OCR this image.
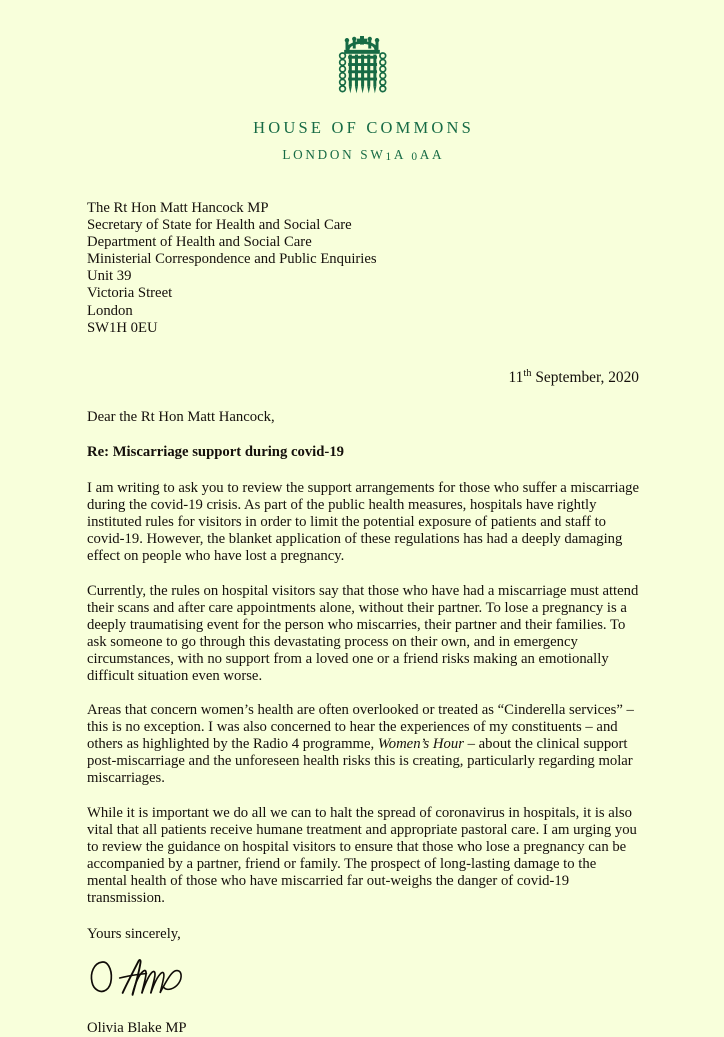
HOUSE OF COMMONS
LONDON SW1A 0AA
The Rt Hon Matt Hancock MP
Secretary of State for Health and Social Care
Department of Health and Social Care
Ministerial Correspondence and Public Enquiries
Unit 39
Victoria Street
London
SW1H 0EU
11th September, 2020
Dear the Rt Hon Matt Hancock,
Re: Miscarriage support during covid-19

I am writing to ask you to review the support arrangements for those who suffer a miscarriage during the covid-19 crisis. As part of the public health measures, hospitals have rightly instituted rules for visitors in order to limit the potential exposure of patients and staff to covid-19. However, the blanket application of these regulations has had a deeply damaging effect on people who have lost a pregnancy.

Currently, the rules on hospital visitors say that those who have had a miscarriage must attend their scans and after care appointments alone, without their partner. To lose a pregnancy is a deeply traumatising event for the person who miscarries, their partner and their families. To ask someone to go through this devastating process on their own, and in emergency circumstances, with no support from a loved one or a friend risks making an emotionally difficult situation even worse.

Areas that concern women’s health are often overlooked or treated as “Cinderella services” – this is no exception. I was also concerned to hear the experiences of my constituents – and others as highlighted by the Radio 4 programme, Women’s Hour – about the clinical support post-miscarriage and the unforeseen health risks this is creating, particularly regarding molar miscarriages.

While it is important we do all we can to halt the spread of coronavirus in hospitals, it is also vital that all patients receive humane treatment and appropriate pastoral care. I am urging you to review the guidance on hospital visitors to ensure that those who lose a pregnancy can be accompanied by a partner, friend or family. The prospect of long-lasting damage to the mental health of those who have miscarried far out-weighs the danger of covid-19 transmission.

Yours sincerely,
Olivia Blake MP
